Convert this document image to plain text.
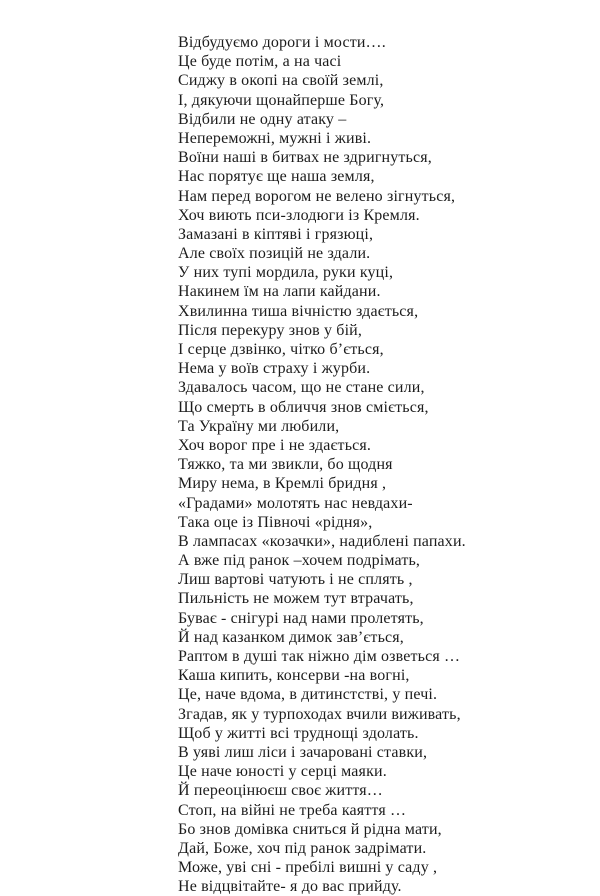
Відбудуємо дороги і мости….
Це буде потім, а на часі
Сиджу в окопі на своїй землі,
І, дякуючи щонайперше Богу,
Відбили не одну атаку –
Непереможні, мужні і живі.
Воїни наші в битвах не здригнуться,
Нас порятує ще наша земля,
Нам перед ворогом не велено зігнуться,
Хоч виють пси-злодюги із Кремля.
Замазані в кіптяві і грязюці,
Але своїх позицій не здали.
У них тупі мордила, руки куці,
Накинем їм на лапи кайдани.
Хвилинна тиша вічністю здається,
Після перекуру знов у бій,
І серце дзвінко, чітко б’ється,
Нема у воїв страху і журби.
Здавалось часом, що не стане сили,
Що смерть в обличчя знов сміється,
Та Україну ми любили,
Хоч ворог пре і не здається.
Тяжко, та ми звикли, бо щодня
Миру нема, в Кремлі бридня ,
«Градами» молотять нас невдахи-
Така оце із Півночі «рідня»,
В лампасах «козачки», надиблені папахи.
А вже під ранок –хочем подрімать,
Лиш вартові чатують і не сплять ,
Пильність не можем тут втрачать,
Буває - снігурі над нами пролетять,
Й над казанком димок зав’ється,
Раптом в душі так ніжно дім озветься …
Каша кипить, консерви -на вогні,
Це, наче вдома, в дитинстстві, у печі.
Згадав, як у турпоходах вчили виживать,
Щоб у житті всі труднощі здолать.
В уяві лиш ліси і зачаровані ставки,
Це наче юності у серці маяки.
Й переоцінюєш своє життя…
Стоп, на війні не треба каяття …
Бо знов домівка сниться й рідна мати,
Дай, Боже, хоч під ранок задрімати.
Може, уві сні - пребілі вишні у саду ,
Не відцвітайте- я до вас прийду.
